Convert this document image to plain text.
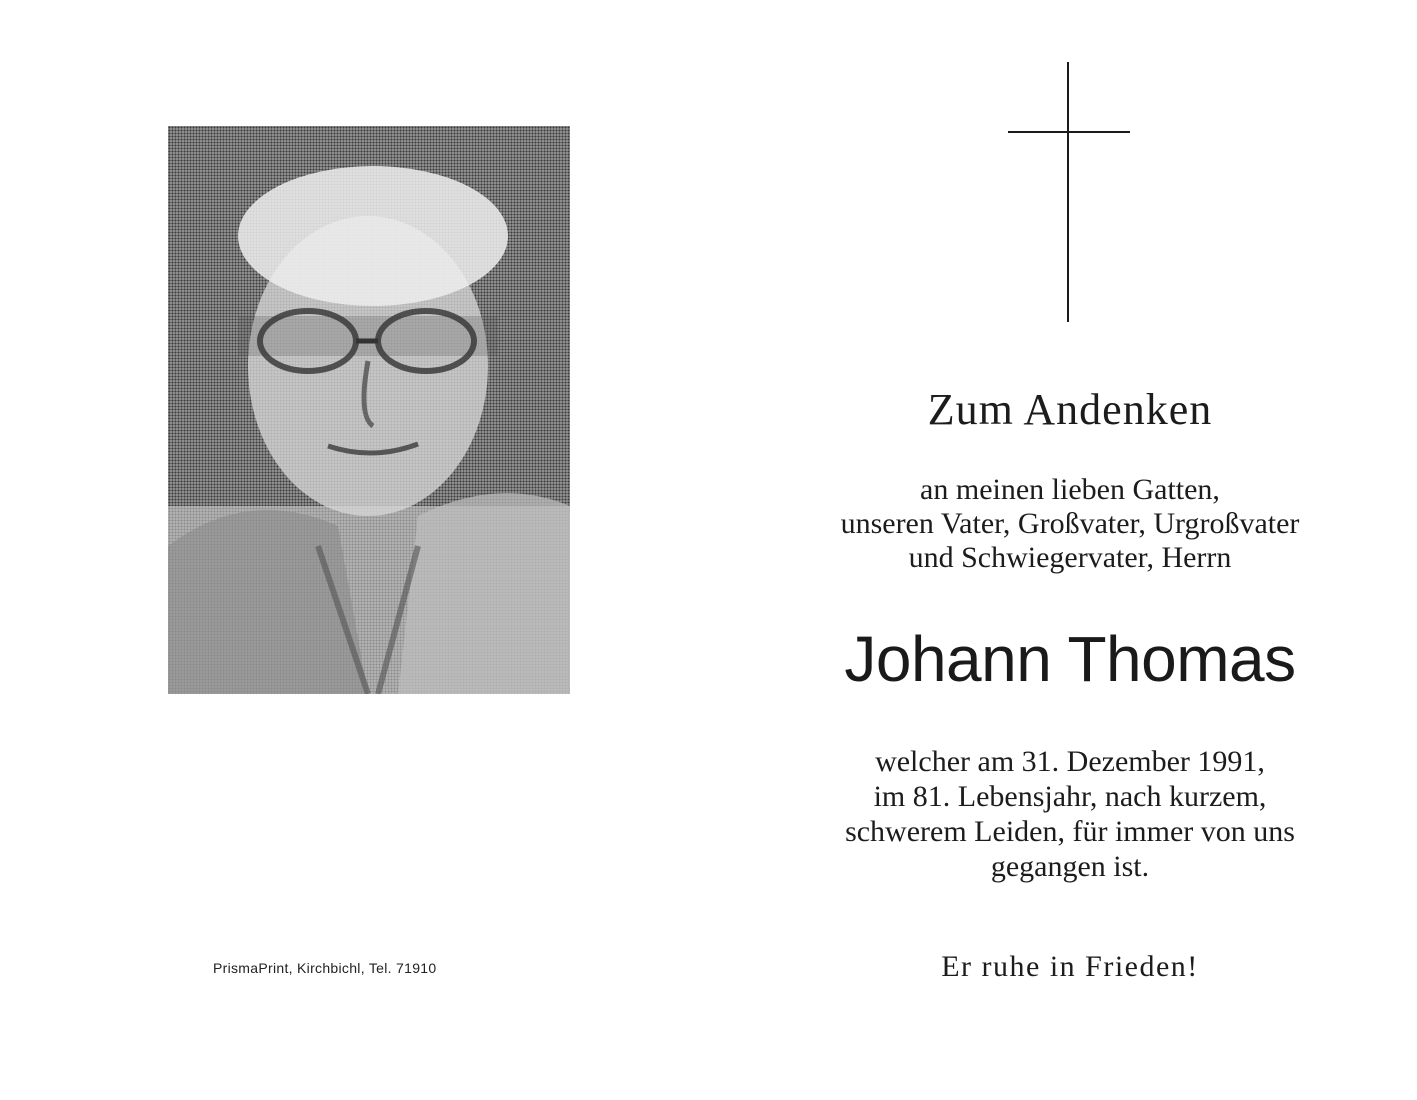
PrismaPrint, Kirchbichl, Tel. 71910
Zum Andenken
an meinen lieben Gatten,
unseren Vater, Großvater, Urgroßvater
und Schwiegervater, Herrn
Johann Thomas
welcher am 31. Dezember 1991,
im 81. Lebensjahr, nach kurzem,
schwerem Leiden, für immer von uns
gegangen ist.
Er ruhe in Frieden!
